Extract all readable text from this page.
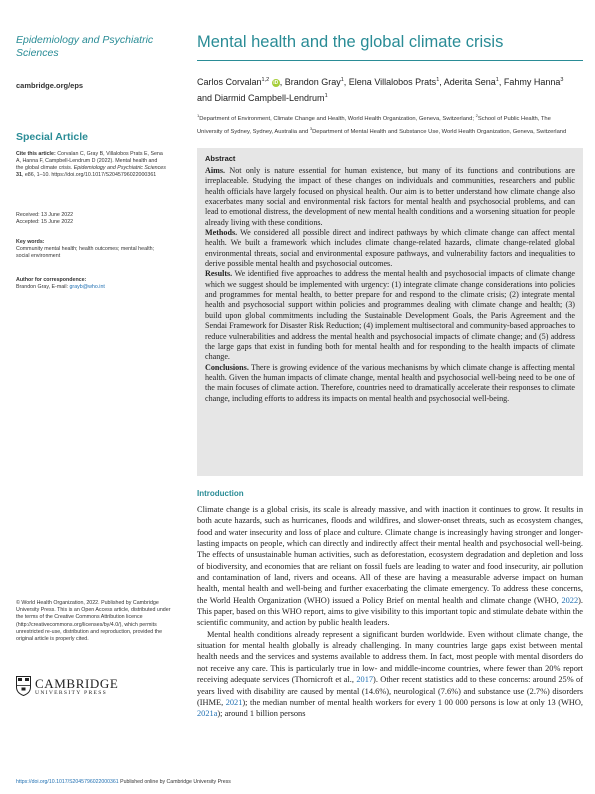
Epidemiology and Psychiatric
Sciences
cambridge.org/eps
Special Article
Cite this article: Corvalan C, Gray B, Villalobos Prats E, Sena A, Hanna F, Campbell-Lendrum D (2022). Mental health and the global climate crisis. Epidemiology and Psychiatric Sciences 31, e86, 1–10. https://doi.org/10.1017/S2045796022000361
Received: 13 June 2022
Accepted: 15 June 2022
Key words:
Community mental health; health outcomes; mental health; social environment
Author for correspondence:
Brandon Gray, E-mail: grayb@who.int
© World Health Organization, 2022. Published by Cambridge University Press. This is an Open Access article, distributed under the terms of the Creative Commons Attribution licence (http://creativecommons.org/licenses/by/4.0/), which permits unrestricted re-use, distribution and reproduction, provided the original article is properly cited.
CAMBRIDGE
UNIVERSITY PRESS
Mental health and the global climate crisis
Carlos Corvalan$^{1,2}$ iD , Brandon Gray$^1$, Elena Villalobos Prats$^1$, Aderita Sena$^1$, Fahmy Hanna$^3$ and Diarmid Campbell-Lendrum$^1$
$^1$Department of Environment, Climate Change and Health, World Health Organization, Geneva, Switzerland; $^2$School of Public Health, The University of Sydney, Sydney, Australia and $^3$Department of Mental Health and Substance Use, World Health Organization, Geneva, Switzerland
Abstract

Aims. Not only is nature essential for human existence, but many of its functions and contributions are irreplaceable. Studying the impact of these changes on individuals and communities, researchers and public health officials have largely focused on physical health. Our aim is to better understand how climate change also exacerbates many social and environmental risk factors for mental health and psychosocial problems, and can lead to emotional distress, the development of new mental health conditions and a worsening situation for people already living with these conditions.

Methods. We considered all possible direct and indirect pathways by which climate change can affect mental health. We built a framework which includes climate change-related hazards, climate change-related global environmental threats, social and environmental exposure pathways, and vulnerability factors and inequalities to derive possible mental health and psychosocial outcomes.

Results. We identified five approaches to address the mental health and psychosocial impacts of climate change which we suggest should be implemented with urgency: (1) integrate climate change considerations into policies and programmes for mental health, to better prepare for and respond to the climate crisis; (2) integrate mental health and psychosocial support within policies and programmes dealing with climate change and health; (3) build upon global commitments including the Sustainable Development Goals, the Paris Agreement and the Sendai Framework for Disaster Risk Reduction; (4) implement multisectoral and community-based approaches to reduce vulnerabilities and address the mental health and psychosocial impacts of climate change; and (5) address the large gaps that exist in funding both for mental health and for responding to the health impacts of climate change.

Conclusions. There is growing evidence of the various mechanisms by which climate change is affecting mental health. Given the human impacts of climate change, mental health and psychosocial well-being need to be one of the main focuses of climate action. Therefore, countries need to dramatically accelerate their responses to climate change, including efforts to address its impacts on mental health and psychosocial well-being.

Introduction

Climate change is a global crisis, its scale is already massive, and with inaction it continues to grow. It results in both acute hazards, such as hurricanes, floods and wildfires, and slower-onset threats, such as ecosystem changes, food and water insecurity and loss of place and culture. Climate change is increasingly having stronger and longer-lasting impacts on people, which can directly and indirectly affect their mental health and psychosocial well-being. The effects of unsustainable human activities, such as deforestation, ecosystem degradation and depletion and loss of biodiversity, and economies that are reliant on fossil fuels are leading to water and food insecurity, air pollution and contamination of land, rivers and oceans. All of these are having a measurable adverse impact on human health, mental health and well-being and further exacerbating the climate emergency. To address these concerns, the World Health Organization (WHO) issued a Policy Brief on mental health and climate change (WHO, 2022). This paper, based on this WHO report, aims to give visibility to this important topic and stimulate debate within the scientific community, and action by public health leaders.

Mental health conditions already represent a significant burden worldwide. Even without climate change, the situation for mental health globally is already challenging. In many countries large gaps exist between mental health needs and the services and systems available to address them. In fact, most people with mental disorders do not receive any care. This is particularly true in low- and middle-income countries, where fewer than 20% report receiving adequate services (Thornicroft et al., 2017). Other recent statistics add to these concerns: around 25% of years lived with disability are caused by mental (14.6%), neurological (7.6%) and substance use (2.7%) disorders (IHME, 2021); the median number of mental health workers for every 1 00 000 persons is low at only 13 (WHO, 2021a); around 1 billion persons

https://doi.org/10.1017/S2045796022000361 Published online by Cambridge University Press
